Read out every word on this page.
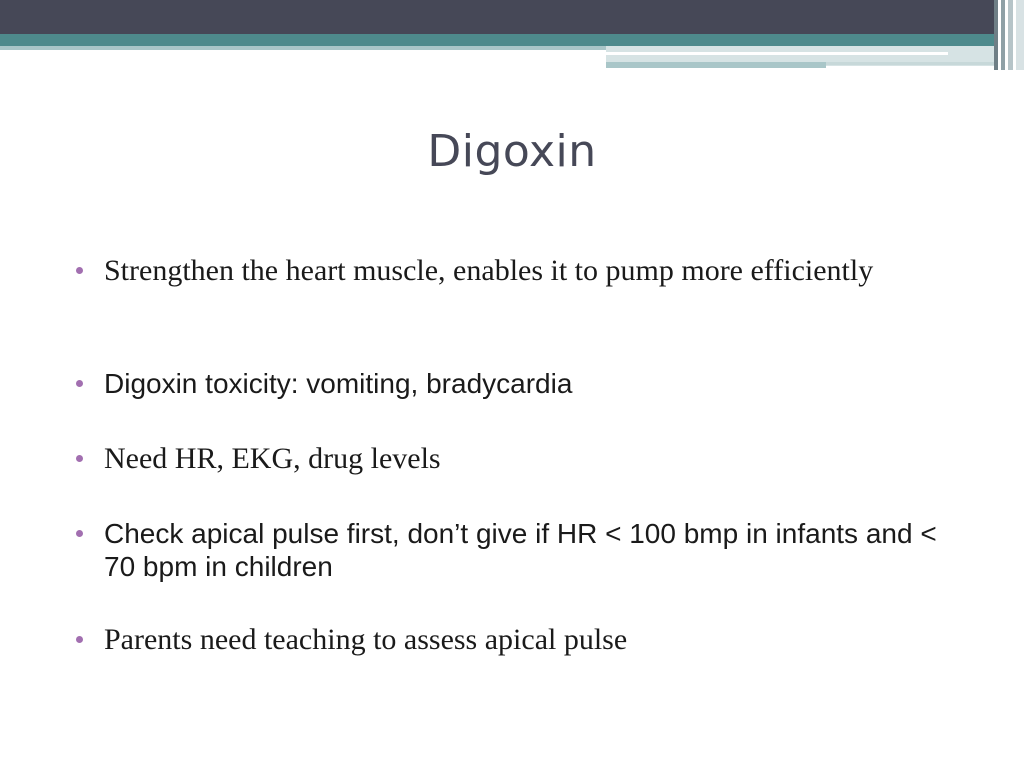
Digoxin
Strengthen the heart muscle, enables it to pump more efficiently
Digoxin toxicity: vomiting, bradycardia
Need HR, EKG, drug levels
Check apical pulse first, don’t give if HR < 100 bmp in infants and < 70 bpm in children
Parents need teaching to assess apical pulse
